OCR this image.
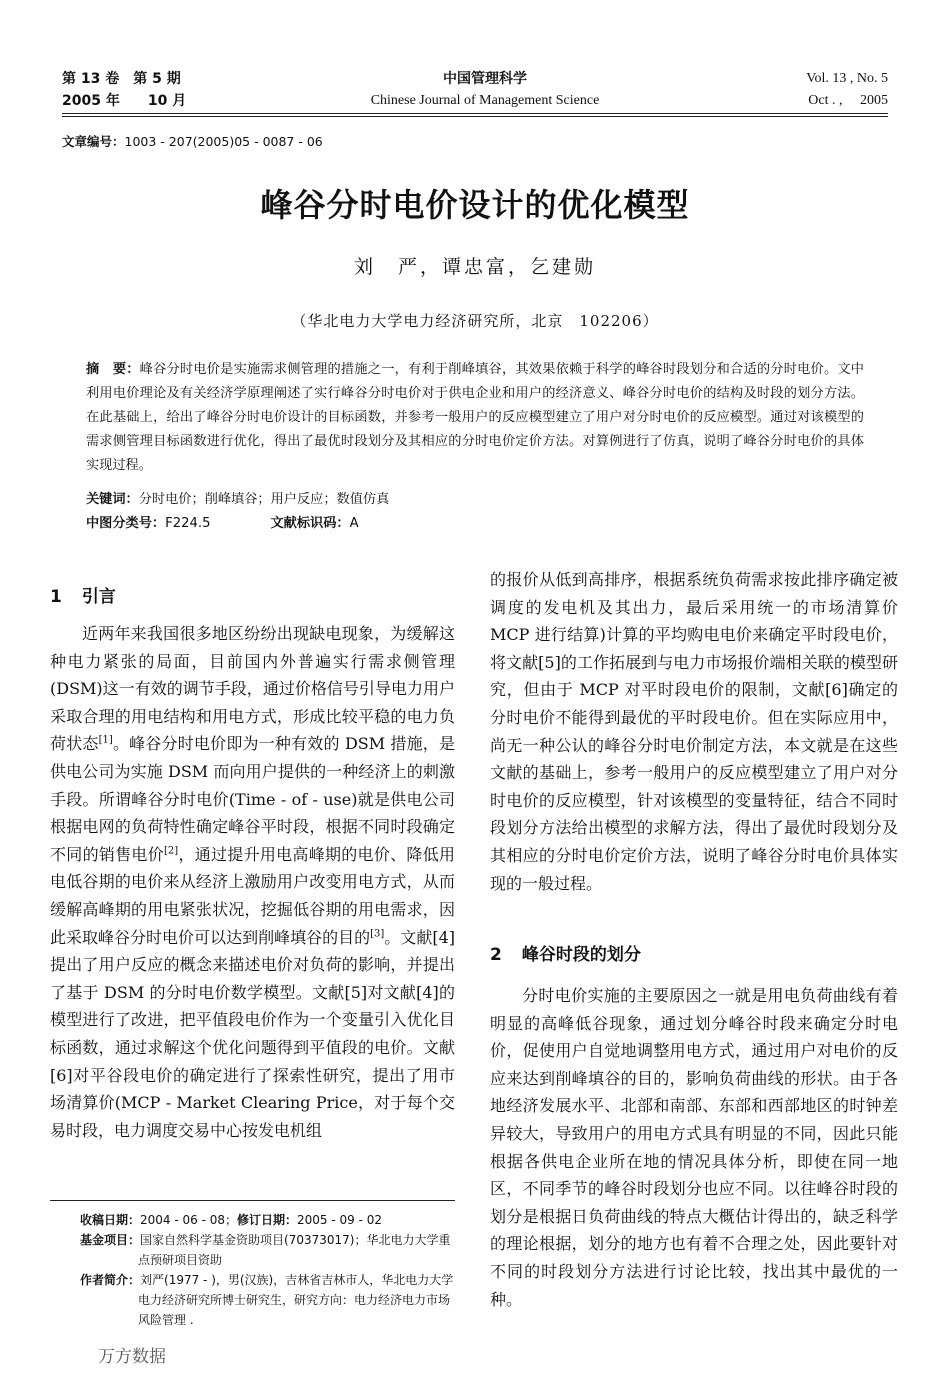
第 13 卷　第 5 期
2005 年　　10 月
中国管理科学
Chinese Journal of Management Science
Vol. 13 , No. 5
Oct . ,　 2005
文章编号：1003 - 207(2005)05 - 0087 - 06
峰谷分时电价设计的优化模型
刘　严，谭忠富，乞建勋
（华北电力大学电力经济研究所，北京　102206）
摘　要：峰谷分时电价是实施需求侧管理的措施之一，有利于削峰填谷，其效果依赖于科学的峰谷时段划分和合适的分时电价。文中利用电价理论及有关经济学原理阐述了实行峰谷分时电价对于供电企业和用户的经济意义、峰谷分时电价的结构及时段的划分方法。在此基础上，给出了峰谷分时电价设计的目标函数，并参考一般用户的反应模型建立了用户对分时电价的反应模型。通过对该模型的需求侧管理目标函数进行优化，得出了最优时段划分及其相应的分时电价定价方法。对算例进行了仿真，说明了峰谷分时电价的具体实现过程。
关键词：分时电价；削峰填谷；用户反应；数值仿真
中图分类号：F224.5	文献标识码：A
1 引言

近两年来我国很多地区纷纷出现缺电现象，为缓解这种电力紧张的局面，目前国内外普遍实行需求侧管理(DSM)这一有效的调节手段，通过价格信号引导电力用户采取合理的用电结构和用电方式，形成比较平稳的电力负荷状态[1]。峰谷分时电价即为一种有效的 DSM 措施，是供电公司为实施 DSM 而向用户提供的一种经济上的刺激手段。所谓峰谷分时电价(Time - of - use)就是供电公司根据电网的负荷特性确定峰谷平时段，根据不同时段确定不同的销售电价[2]，通过提升用电高峰期的电价、降低用电低谷期的电价来从经济上激励用户改变用电方式，从而缓解高峰期的用电紧张状况，挖掘低谷期的用电需求，因此采取峰谷分时电价可以达到削峰填谷的目的[3]。文献[4]提出了用户反应的概念来描述电价对负荷的影响，并提出了基于 DSM 的分时电价数学模型。文献[5]对文献[4]的模型进行了改进，把平值段电价作为一个变量引入优化目标函数，通过求解这个优化问题得到平值段的电价。文献[6]对平谷段电价的确定进行了探索性研究，提出了用市场清算价(MCP - Market Clearing Price，对于每个交易时段，电力调度交易中心按发电机组

的报价从低到高排序，根据系统负荷需求按此排序确定被调度的发电机及其出力，最后采用统一的市场清算价 MCP 进行结算)计算的平均购电电价来确定平时段电价，将文献[5]的工作拓展到与电力市场报价端相关联的模型研究，但由于 MCP 对平时段电价的限制，文献[6]确定的分时电价不能得到最优的平时段电价。但在实际应用中，尚无一种公认的峰谷分时电价制定方法，本文就是在这些文献的基础上，参考一般用户的反应模型建立了用户对分时电价的反应模型，针对该模型的变量特征，结合不同时段划分方法给出模型的求解方法，得出了最优时段划分及其相应的分时电价定价方法，说明了峰谷分时电价具体实现的一般过程。

2 峰谷时段的划分

分时电价实施的主要原因之一就是用电负荷曲线有着明显的高峰低谷现象，通过划分峰谷时段来确定分时电价，促使用户自觉地调整用电方式，通过用户对电价的反应来达到削峰填谷的目的，影响负荷曲线的形状。由于各地经济发展水平、北部和南部、东部和西部地区的时钟差异较大，导致用户的用电方式具有明显的不同，因此只能根据各供电企业所在地的情况具体分析，即使在同一地区，不同季节的峰谷时段划分也应不同。以往峰谷时段的划分是根据日负荷曲线的特点大概估计得出的，缺乏科学的理论根据，划分的地方也有着不合理之处，因此要针对不同的时段划分方法进行讨论比较，找出其中最优的一种。

收稿日期：2004 - 06 - 08；修订日期：2005 - 09 - 02

基金项目：国家自然科学基金资助项目(70373017)；华北电力大学重点预研项目资助

作者简介：刘严(1977 - )，男(汉族)，吉林省吉林市人，华北电力大学电力经济研究所博士研究生，研究方向：电力经济电力市场风险管理 .

万方数据
